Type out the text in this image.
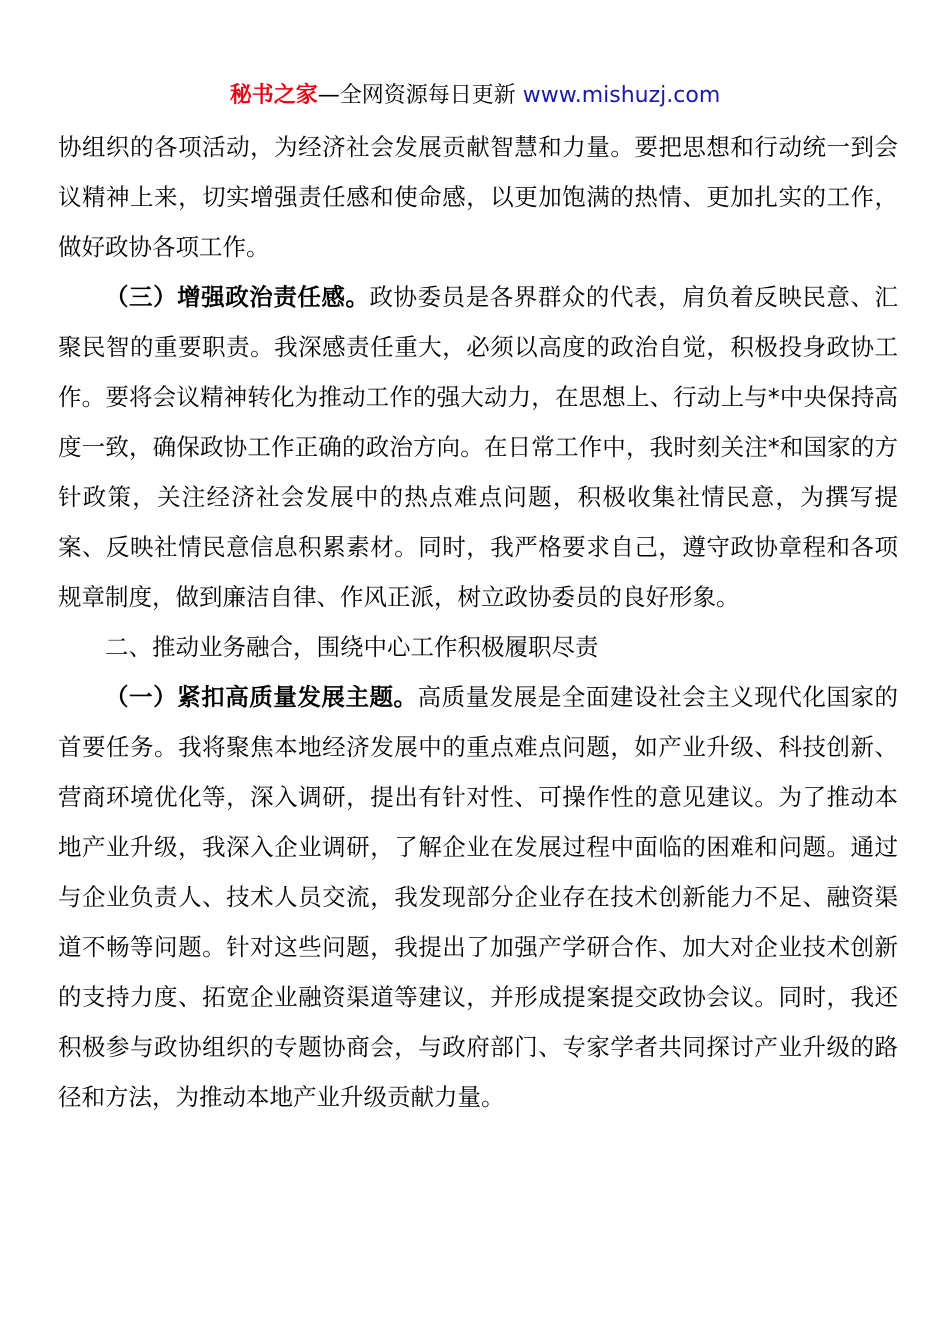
秘书之家—全网资源每日更新 www.mishuzj.com

协组织的各项活动，为经济社会发展贡献智慧和力量。要把思想和行动统一到会议精神上来，切实增强责任感和使命感，以更加饱满的热情、更加扎实的工作，做好政协各项工作。

（三）增强政治责任感。政协委员是各界群众的代表，肩负着反映民意、汇聚民智的重要职责。我深感责任重大，必须以高度的政治自觉，积极投身政协工作。要将会议精神转化为推动工作的强大动力，在思想上、行动上与*中央保持高度一致，确保政协工作正确的政治方向。在日常工作中，我时刻关注*和国家的方针政策，关注经济社会发展中的热点难点问题，积极收集社情民意，为撰写提案、反映社情民意信息积累素材。同时，我严格要求自己，遵守政协章程和各项规章制度，做到廉洁自律、作风正派，树立政协委员的良好形象。

二、推动业务融合，围绕中心工作积极履职尽责

（一）紧扣高质量发展主题。高质量发展是全面建设社会主义现代化国家的首要任务。我将聚焦本地经济发展中的重点难点问题，如产业升级、科技创新、营商环境优化等，深入调研，提出有针对性、可操作性的意见建议。为了推动本地产业升级，我深入企业调研，了解企业在发展过程中面临的困难和问题。通过与企业负责人、技术人员交流，我发现部分企业存在技术创新能力不足、融资渠道不畅等问题。针对这些问题，我提出了加强产学研合作、加大对企业技术创新的支持力度、拓宽企业融资渠道等建议，并形成提案提交政协会议。同时，我还积极参与政协组织的专题协商会，与政府部门、专家学者共同探讨产业升级的路径和方法，为推动本地产业升级贡献力量。
